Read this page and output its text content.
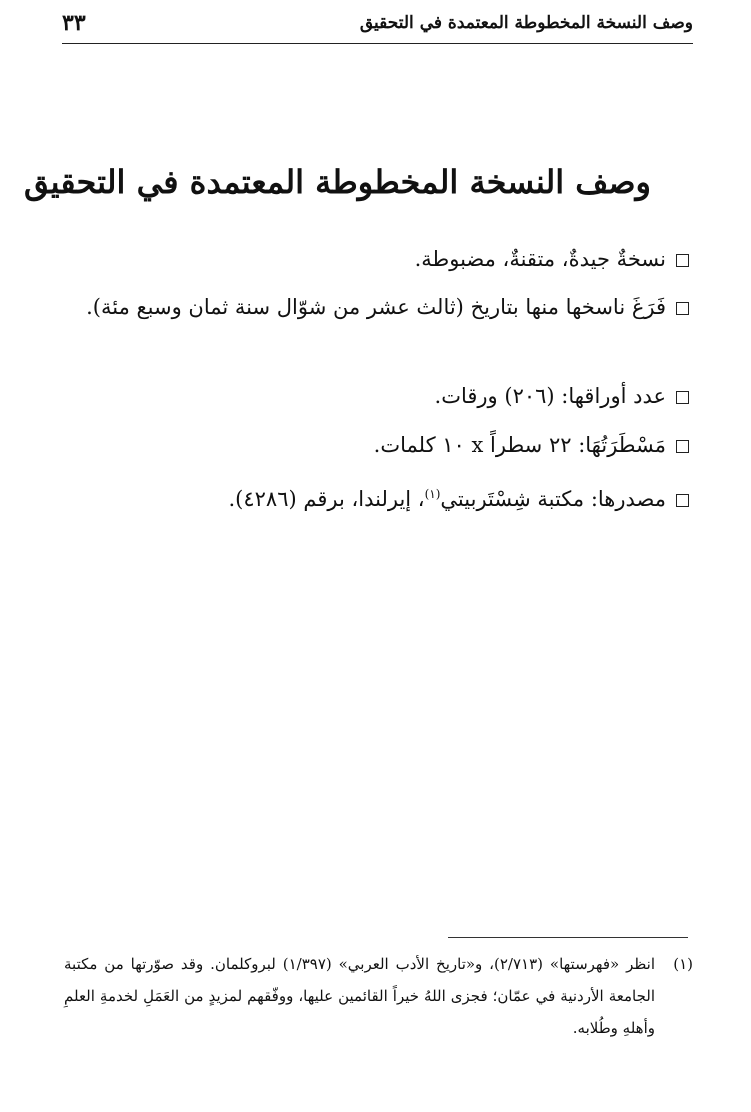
وصف النسخة المخطوطة المعتمدة في التحقيق
٣٣
وصف النسخة المخطوطة المعتمدة في التحقيق
نسخةٌ جيدةٌ، متقنةٌ، مضبوطة.
فَرَغَ ناسخها منها بتاريخ (ثالث عشر من شوّال سنة ثمان وسبع مئة).
عدد أوراقها: (٢٠٦) ورقات.
مَسْطَرَتُهَا: ٢٢ سطراً x ١٠ كلمات.
مصدرها: مكتبة شِسْتَربيتي$^{(١)}$، إيرلندا، برقم (٤٢٨٦).
(١)
انظر «فهرستها» (٢/٧١٣)، و«تاريخ الأدب العربي» (١/٣٩٧) لبروكلمان. وقد صوّرتها من مكتبة الجامعة الأردنية في عمّان؛ فجزى اللهُ خيراً القائمين عليها، ووفّقهم لمزيدٍ من العَمَلِ لخدمةِ العلمِ وأهلهِ وطُلابه.
